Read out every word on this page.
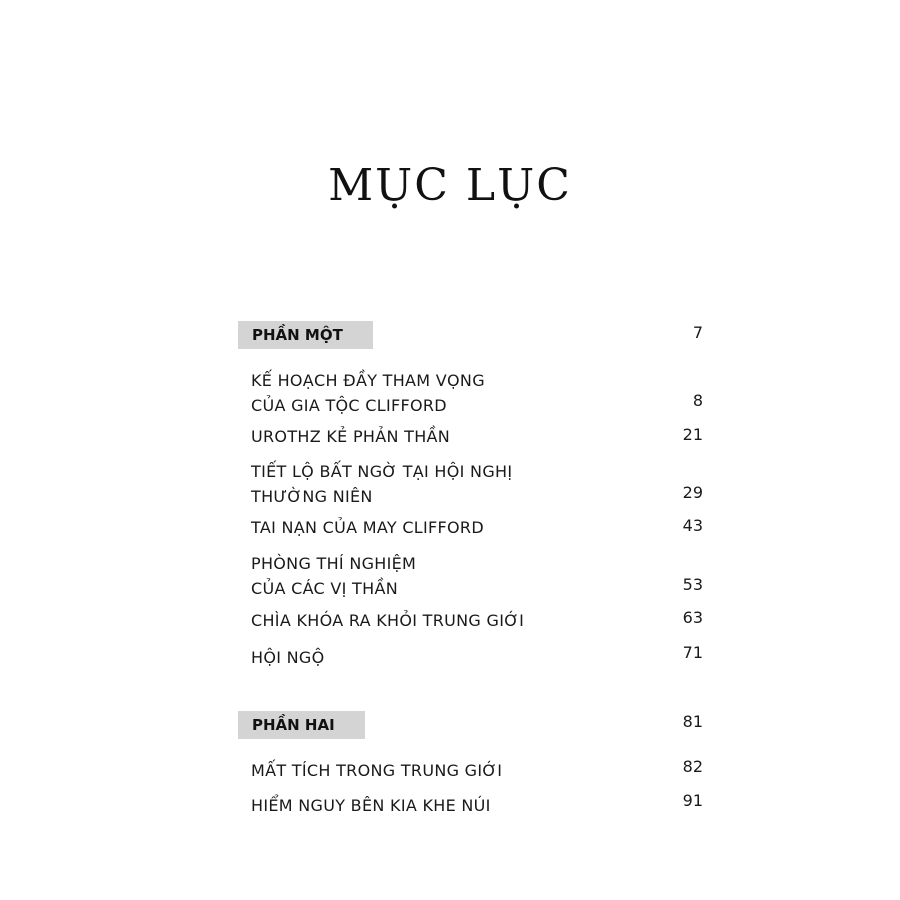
MỤC LỤC
PHẦN MỘT	7
KẾ HOẠCH ĐẦY THAM VỌNG
CỦA GIA TỘC CLIFFORD	8
UROTHZ KẺ PHẢN THẦN	21
TIẾT LỘ BẤT NGỜ TẠI HỘI NGHỊ
THƯỜNG NIÊN	29
TAI NẠN CỦA MAY CLIFFORD	43
PHÒNG THÍ NGHIỆM
CỦA CÁC VỊ THẦN	53
CHÌA KHÓA RA KHỎI TRUNG GIỚI	63
HỘI NGỘ	71
PHẦN HAI	81
MẤT TÍCH TRONG TRUNG GIỚI	82
HIỂM NGUY BÊN KIA KHE NÚI	91
